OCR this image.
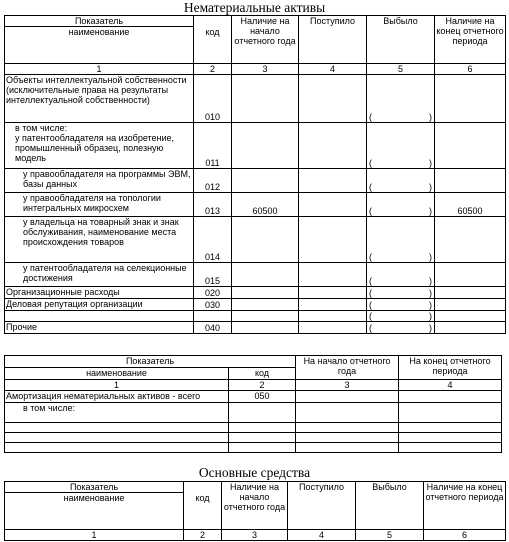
Нематериальные активы
Показатель
наименование	код	Наличие на начало отчетного года	Поступило	Выбыло	Наличие на конец отчетного периода
1	2	3	4	5	6
Объекты интеллектуальной собственности (исключительные права на результаты интеллектуальной собственности)	010			( )	

в том числе:
у патентообладателя на изобретение, промышленный образец, полезную модель	011			( )	

у правообладателя на программы ЭВМ, базы данных	012			( )	

у правообладателя на топологии интегральных микросхем	013	60500		( )	60500
у владельца на товарный знак и знак обслуживания, наименование места происхождения товаров	014			( )	

у патентообладателя на селекционные достижения	015			( )	

Организационные расходы	020			( )	

Деловая репутация организации	030			( )	

				( )	

Прочие	040			( )	

Показатель		На начало отчетного года	На конец отчетного периода
наименование	код		
1	2	3	4
Амортизация нематериальных активов - всего	050		
в том числе:			

Основные средства
Показатель
наименование	код	Наличие на начало отчетного года	Поступило	Выбыло	Наличие на конец отчетного периода
1	2	3	4	5	6
